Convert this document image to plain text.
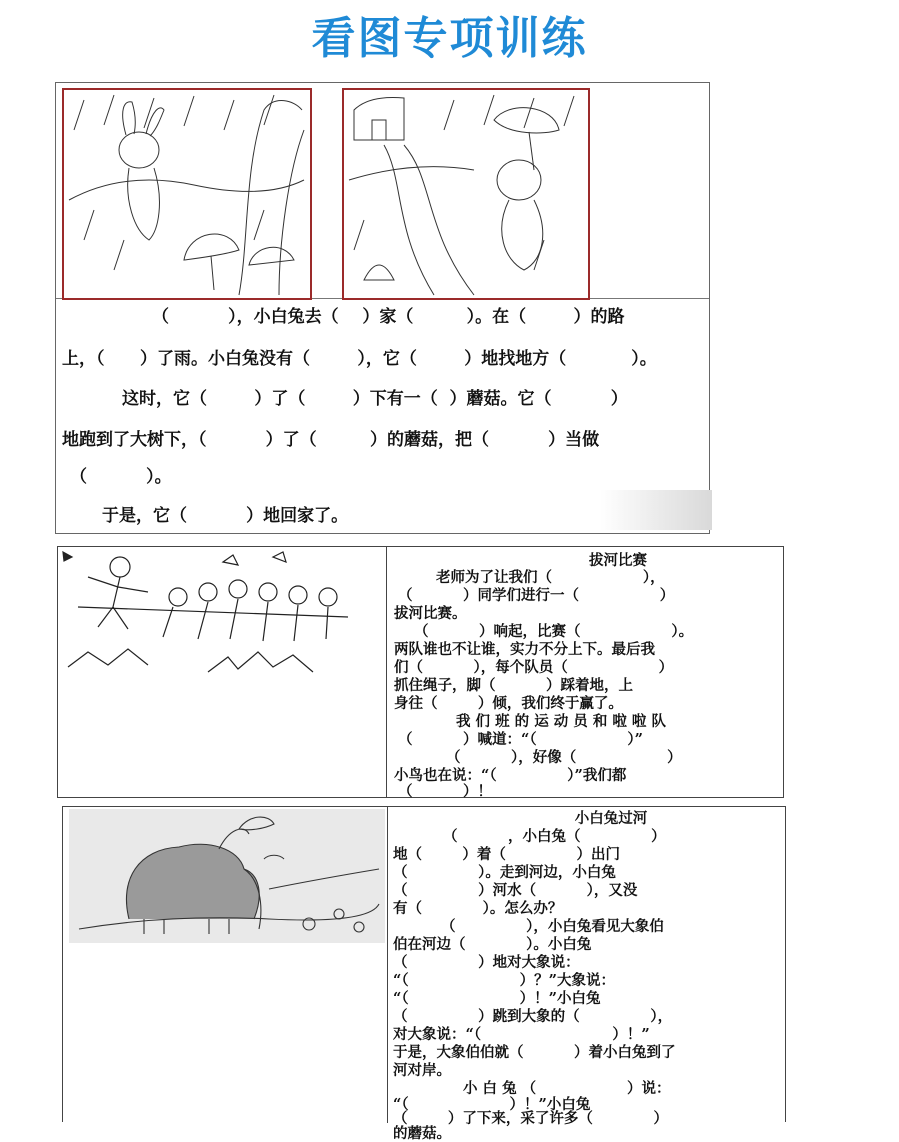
看图专项训练
（          ），小白兔去（    ）家（         ）。在（        ）的路
上，（      ）了雨。小白兔没有（        ），它（        ）地找地方（           ）。
这时，它（        ）了（        ）下有一（  ）蘑菇。它（          ）
地跑到了大树下，（          ）了（         ）的蘑菇，把（          ）当做
（          ）。
于是，它（          ）地回家了。
拔河比赛
老师为了让我们（                  ），
（          ）同学们进行一（                ）
拔河比赛。
（          ）响起，比赛（                  ）。
两队谁也不让谁，实力不分上下。最后我
们（          ），每个队员（                  ）
抓住绳子，脚（          ）踩着地，上
身往（        ）倾，我们终于赢了。
我 们 班 的 运 动 员 和 啦 啦 队
（          ）喊道：“（                  ）”
（          ），好像（                  ）
小鸟也在说：“（              ）”我们都
（          ）！
小白兔过河
（          ，小白兔（              ）
地（        ）着（              ）出门
（              ）。走到河边，小白兔
（              ）河水（          ），又没
有（            ）。怎么办？
（              ），小白兔看见大象伯
伯在河边（            ）。小白兔
（              ）地对大象说：
“（                      ）？”大象说：
“（                      ）！”小白兔
（              ）跳到大象的（              ），
对大象说：“（                          ）！”
于是，大象伯伯就（          ）着小白兔到了
河对岸。
小 白 兔 （                  ）说：
“（                    ）！”小白兔
（        ）了下来，采了许多（            ）
的蘑菇。
